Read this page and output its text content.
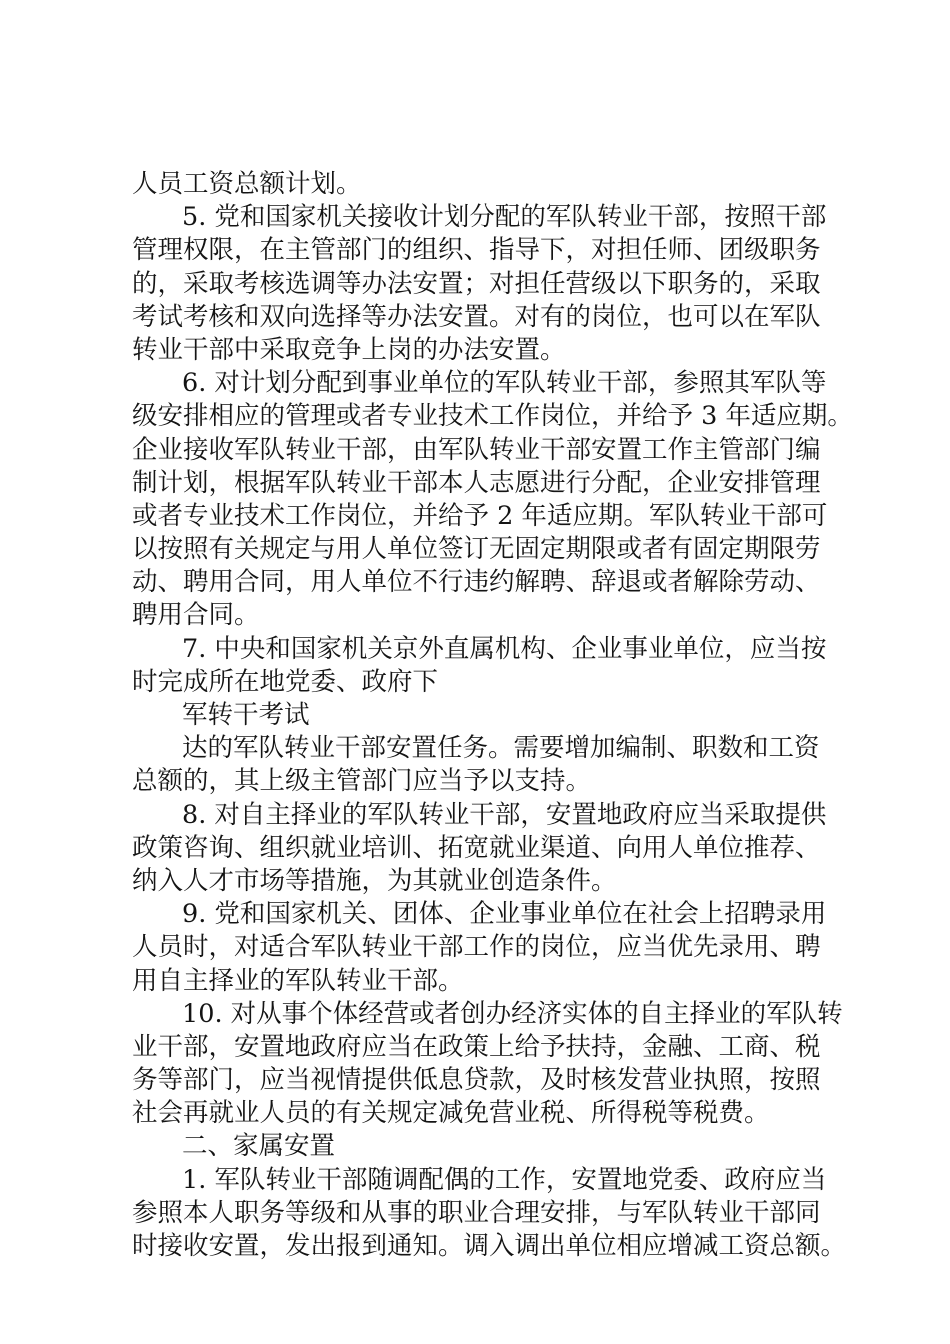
人员工资总额计划。
5. 党和国家机关接收计划分配的军队转业干部，按照干部
管理权限，在主管部门的组织、指导下，对担任师、团级职务
的，采取考核选调等办法安置；对担任营级以下职务的，采取
考试考核和双向选择等办法安置。对有的岗位，也可以在军队
转业干部中采取竞争上岗的办法安置。
6. 对计划分配到事业单位的军队转业干部，参照其军队等
级安排相应的管理或者专业技术工作岗位，并给予 3 年适应期。
企业接收军队转业干部，由军队转业干部安置工作主管部门编
制计划，根据军队转业干部本人志愿进行分配，企业安排管理
或者专业技术工作岗位，并给予 2 年适应期。军队转业干部可
以按照有关规定与用人单位签订无固定期限或者有固定期限劳
动、聘用合同，用人单位不行违约解聘、辞退或者解除劳动、
聘用合同。
7. 中央和国家机关京外直属机构、企业事业单位，应当按
时完成所在地党委、政府下
军转干考试
达的军队转业干部安置任务。需要增加编制、职数和工资
总额的，其上级主管部门应当予以支持。
8. 对自主择业的军队转业干部，安置地政府应当采取提供
政策咨询、组织就业培训、拓宽就业渠道、向用人单位推荐、
纳入人才市场等措施，为其就业创造条件。
9. 党和国家机关、团体、企业事业单位在社会上招聘录用
人员时，对适合军队转业干部工作的岗位，应当优先录用、聘
用自主择业的军队转业干部。
10. 对从事个体经营或者创办经济实体的自主择业的军队转
业干部，安置地政府应当在政策上给予扶持，金融、工商、税
务等部门，应当视情提供低息贷款，及时核发营业执照，按照
社会再就业人员的有关规定减免营业税、所得税等税费。
二、家属安置
1. 军队转业干部随调配偶的工作，安置地党委、政府应当
参照本人职务等级和从事的职业合理安排，与军队转业干部同
时接收安置，发出报到通知。调入调出单位相应增减工资总额。
